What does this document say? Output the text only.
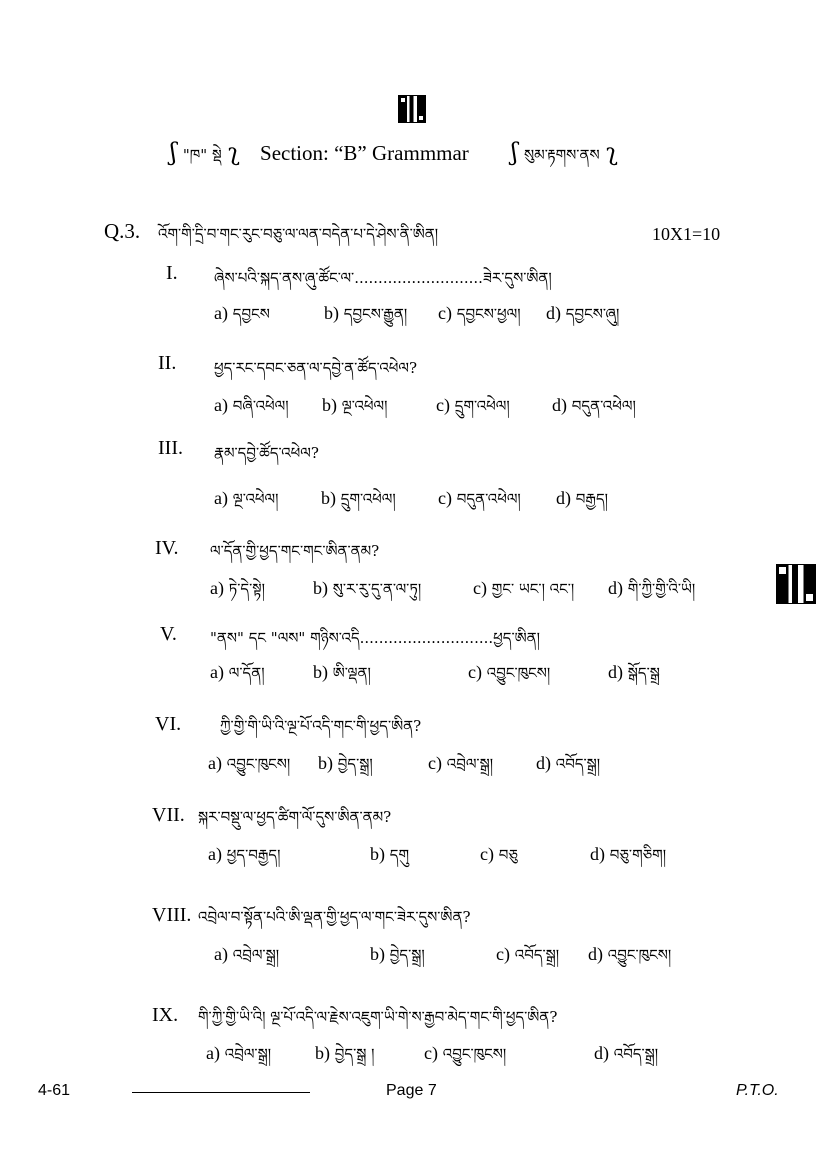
ʃ "ཁ" སྡེ ʅ Section: “B” Grammmar ʃ སུམ་རྟགས་ནས ʅ
Q.3. འོག་གི་དྲི་བ་གང་རུང་བཅུ་ལ་ལན་བདེན་པ་དེ་ཤེས་ནི་ཨིན།	10X1=10
I. ཞེས་པའི་སྐད་ནས་ཞུ་ཚོང་ལ་...........................ཟེར་དུས་ཨིན།
a) དབྱངས	b) དབྱངས་རྒྱུན། c) དབྱངས་ཕྱལ། d) དབྱངས་ཞུ།
II.	ཕྱད་རང་དབང་ཅན་ལ་དབྱེ་ན་ཚོད་འཕེལ?
a) བཞི་འཕེལ། b) ལྔ་འཕེལ།	c) དྲུག་འཕེལ། d) བདུན་འཕེལ།
III. རྣམ་དབྱེ་ཚོད་འཕེལ?
a) ལྔ་འཕེལ། b) དྲུག་འཕེལ། c) བདུན་འཕེལ། d) བརྒྱད།
IV. ལ་དོན་གྱི་ཕྱད་གང་གང་ཨིན་ནམ?
a) ཏེ་དེ་སྟེ།	b) སུ་ར་རུ་དུ་ན་ལ་ཏུ།	c) གྱང་ ཡང་། འང་། d) གི་ཀྱི་གྱི་འི་ཡི།
V. "ནས" དང "ལས" གཉིས་འདི............................ཕྱད་ཨིན།
a) ལ་དོན།	b) ཨི་ལྡན།	c) འབྱུང་ཁུངས།	d) སྒོད་སྒྲ
VI.	ཀྱི་གྱི་གི་ཡི་འི་ལྔ་པོ་འདི་གང་གི་ཕྱད་ཨིན?
a) འབྱུང་ཁུངས། b) བྱེད་སྒྲ།	c) འབྲེལ་སྒྲ། d) འབོད་སྒྲ།
VII. སྐར་བསྡུ་ལ་ཕྱད་ཚིག་ལོ་དུས་ཨིན་ནམ?
a) ཕྱད་བརྒྱད།	b) དགུ	c) བཅུ	d) བཅུ་གཅིག།
VIII. འབྲེལ་བ་སྟོན་པའི་ཨི་ལྡན་གྱི་ཕྱད་ལ་གང་ཟེར་དུས་ཨིན?
a) འབྲེལ་སྒྲ།	b) བྱེད་སྒྲ།	c) འབོད་སྒྲ། d) འབྱུང་ཁུངས།
IX. གི་ཀྱི་གྱི་ཡི་འི། ལྔ་པོ་འདི་ལ་རྗེས་འཇུག་ཡི་གེ་ས་རྒྱབ་མེད་གང་གི་ཕྱད་ཨིན?
a) འབྲེལ་སྒྲ། b) བྱེད་སྒྲ །	c) འབྱུང་ཁུངས།	d) འབོད་སྒྲ།
4-61	Page 7	P.T.O.
